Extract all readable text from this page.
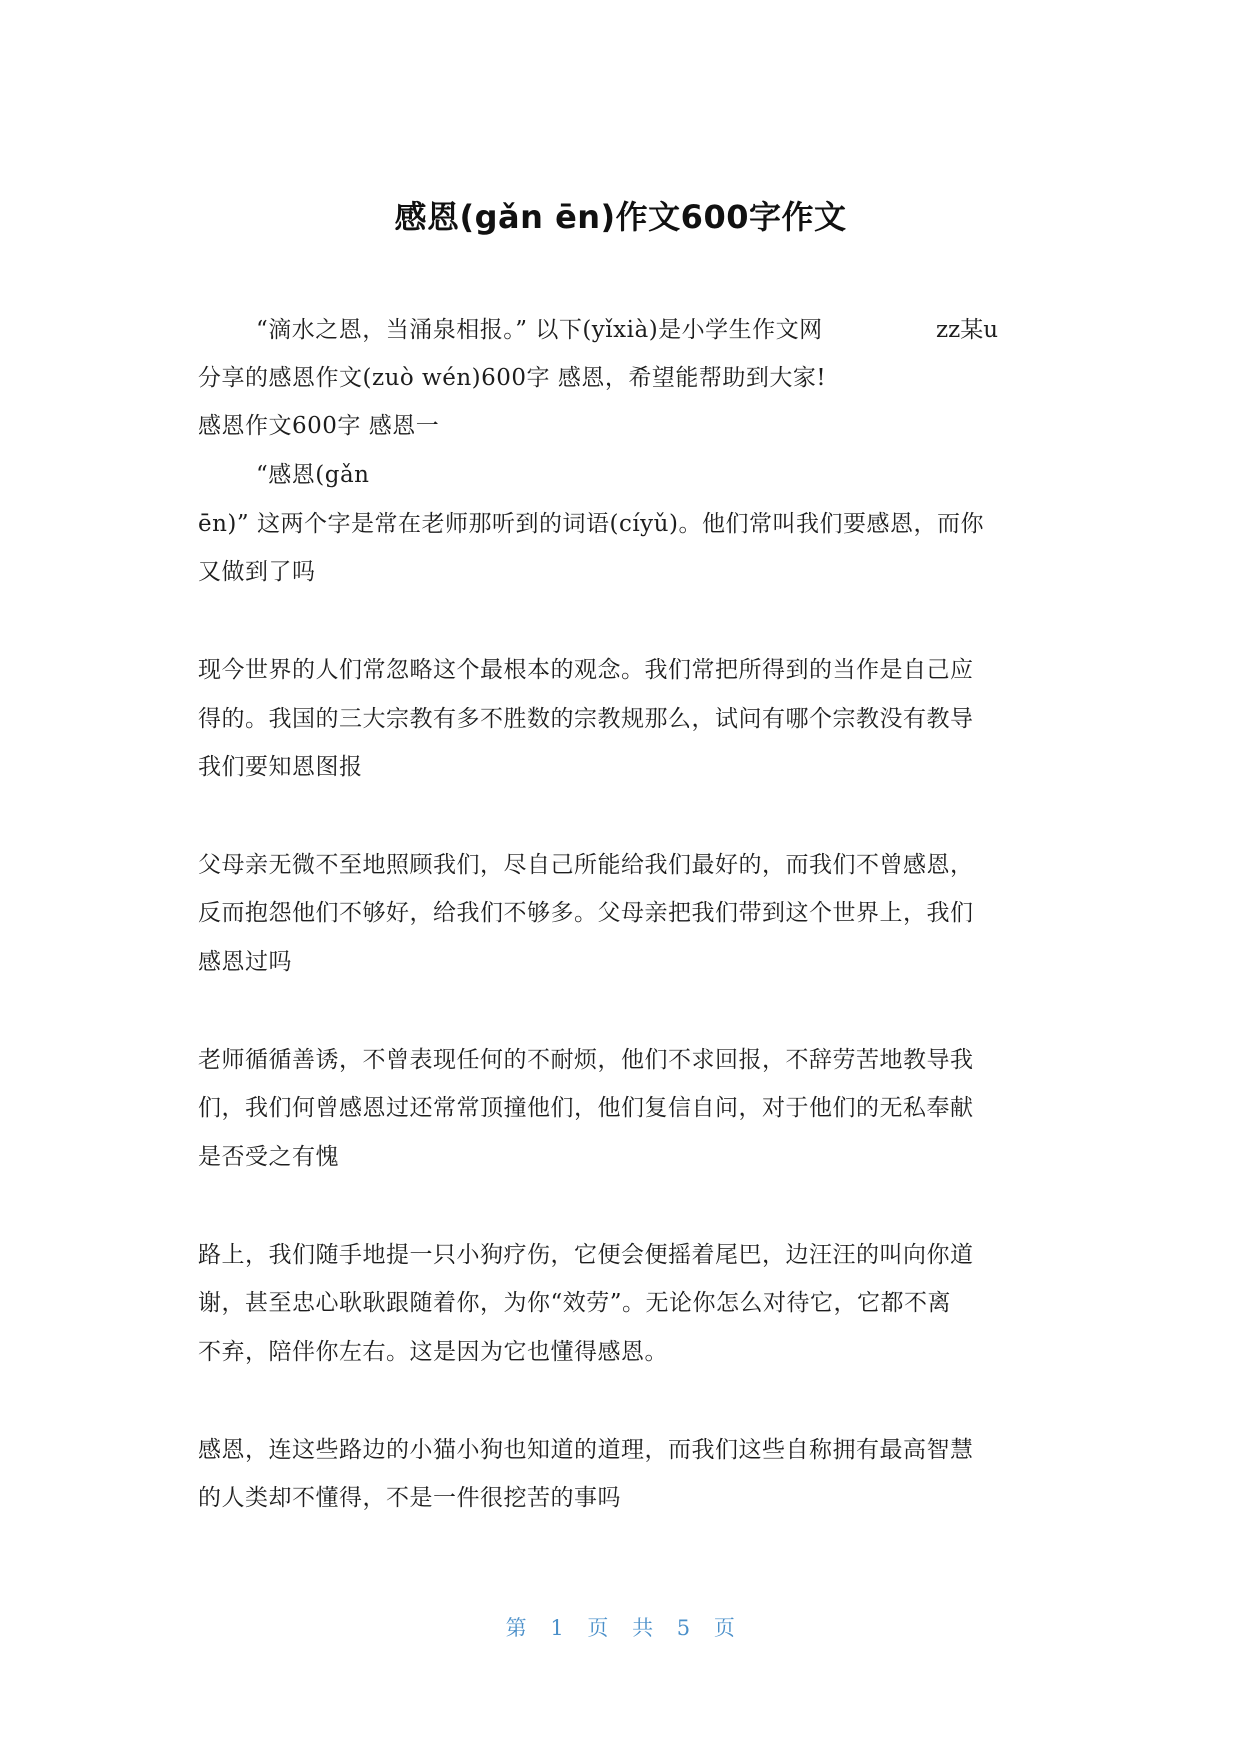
感恩(gǎn ēn)作文600字作文
“滴水之恩，当涌泉相报。” 以下(yǐxià)是小学生作文网	zz某u
分享的感恩作文(zuò wén)600字 感恩，希望能帮助到大家!
感恩作文600字 感恩一
“感恩(gǎn
ēn)” 这两个字是常在老师那听到的词语(cíyǔ)。他们常叫我们要感恩，而你
又做到了吗
现今世界的人们常忽略这个最根本的观念。我们常把所得到的当作是自己应
得的。我国的三大宗教有多不胜数的宗教规那么，试问有哪个宗教没有教导
我们要知恩图报
父母亲无微不至地照顾我们，尽自己所能给我们最好的，而我们不曾感恩，
反而抱怨他们不够好，给我们不够多。父母亲把我们带到这个世界上，我们
感恩过吗
老师循循善诱，不曾表现任何的不耐烦，他们不求回报，不辞劳苦地教导我
们，我们何曾感恩过还常常顶撞他们，他们复信自问，对于他们的无私奉献
是否受之有愧
路上，我们随手地提一只小狗疗伤，它便会便摇着尾巴，边汪汪的叫向你道
谢，甚至忠心耿耿跟随着你，为你“效劳”。无论你怎么对待它，它都不离
不弃，陪伴你左右。这是因为它也懂得感恩。
感恩，连这些路边的小猫小狗也知道的道理，而我们这些自称拥有最高智慧
的人类却不懂得，不是一件很挖苦的事吗
第 1 页 共 5 页
